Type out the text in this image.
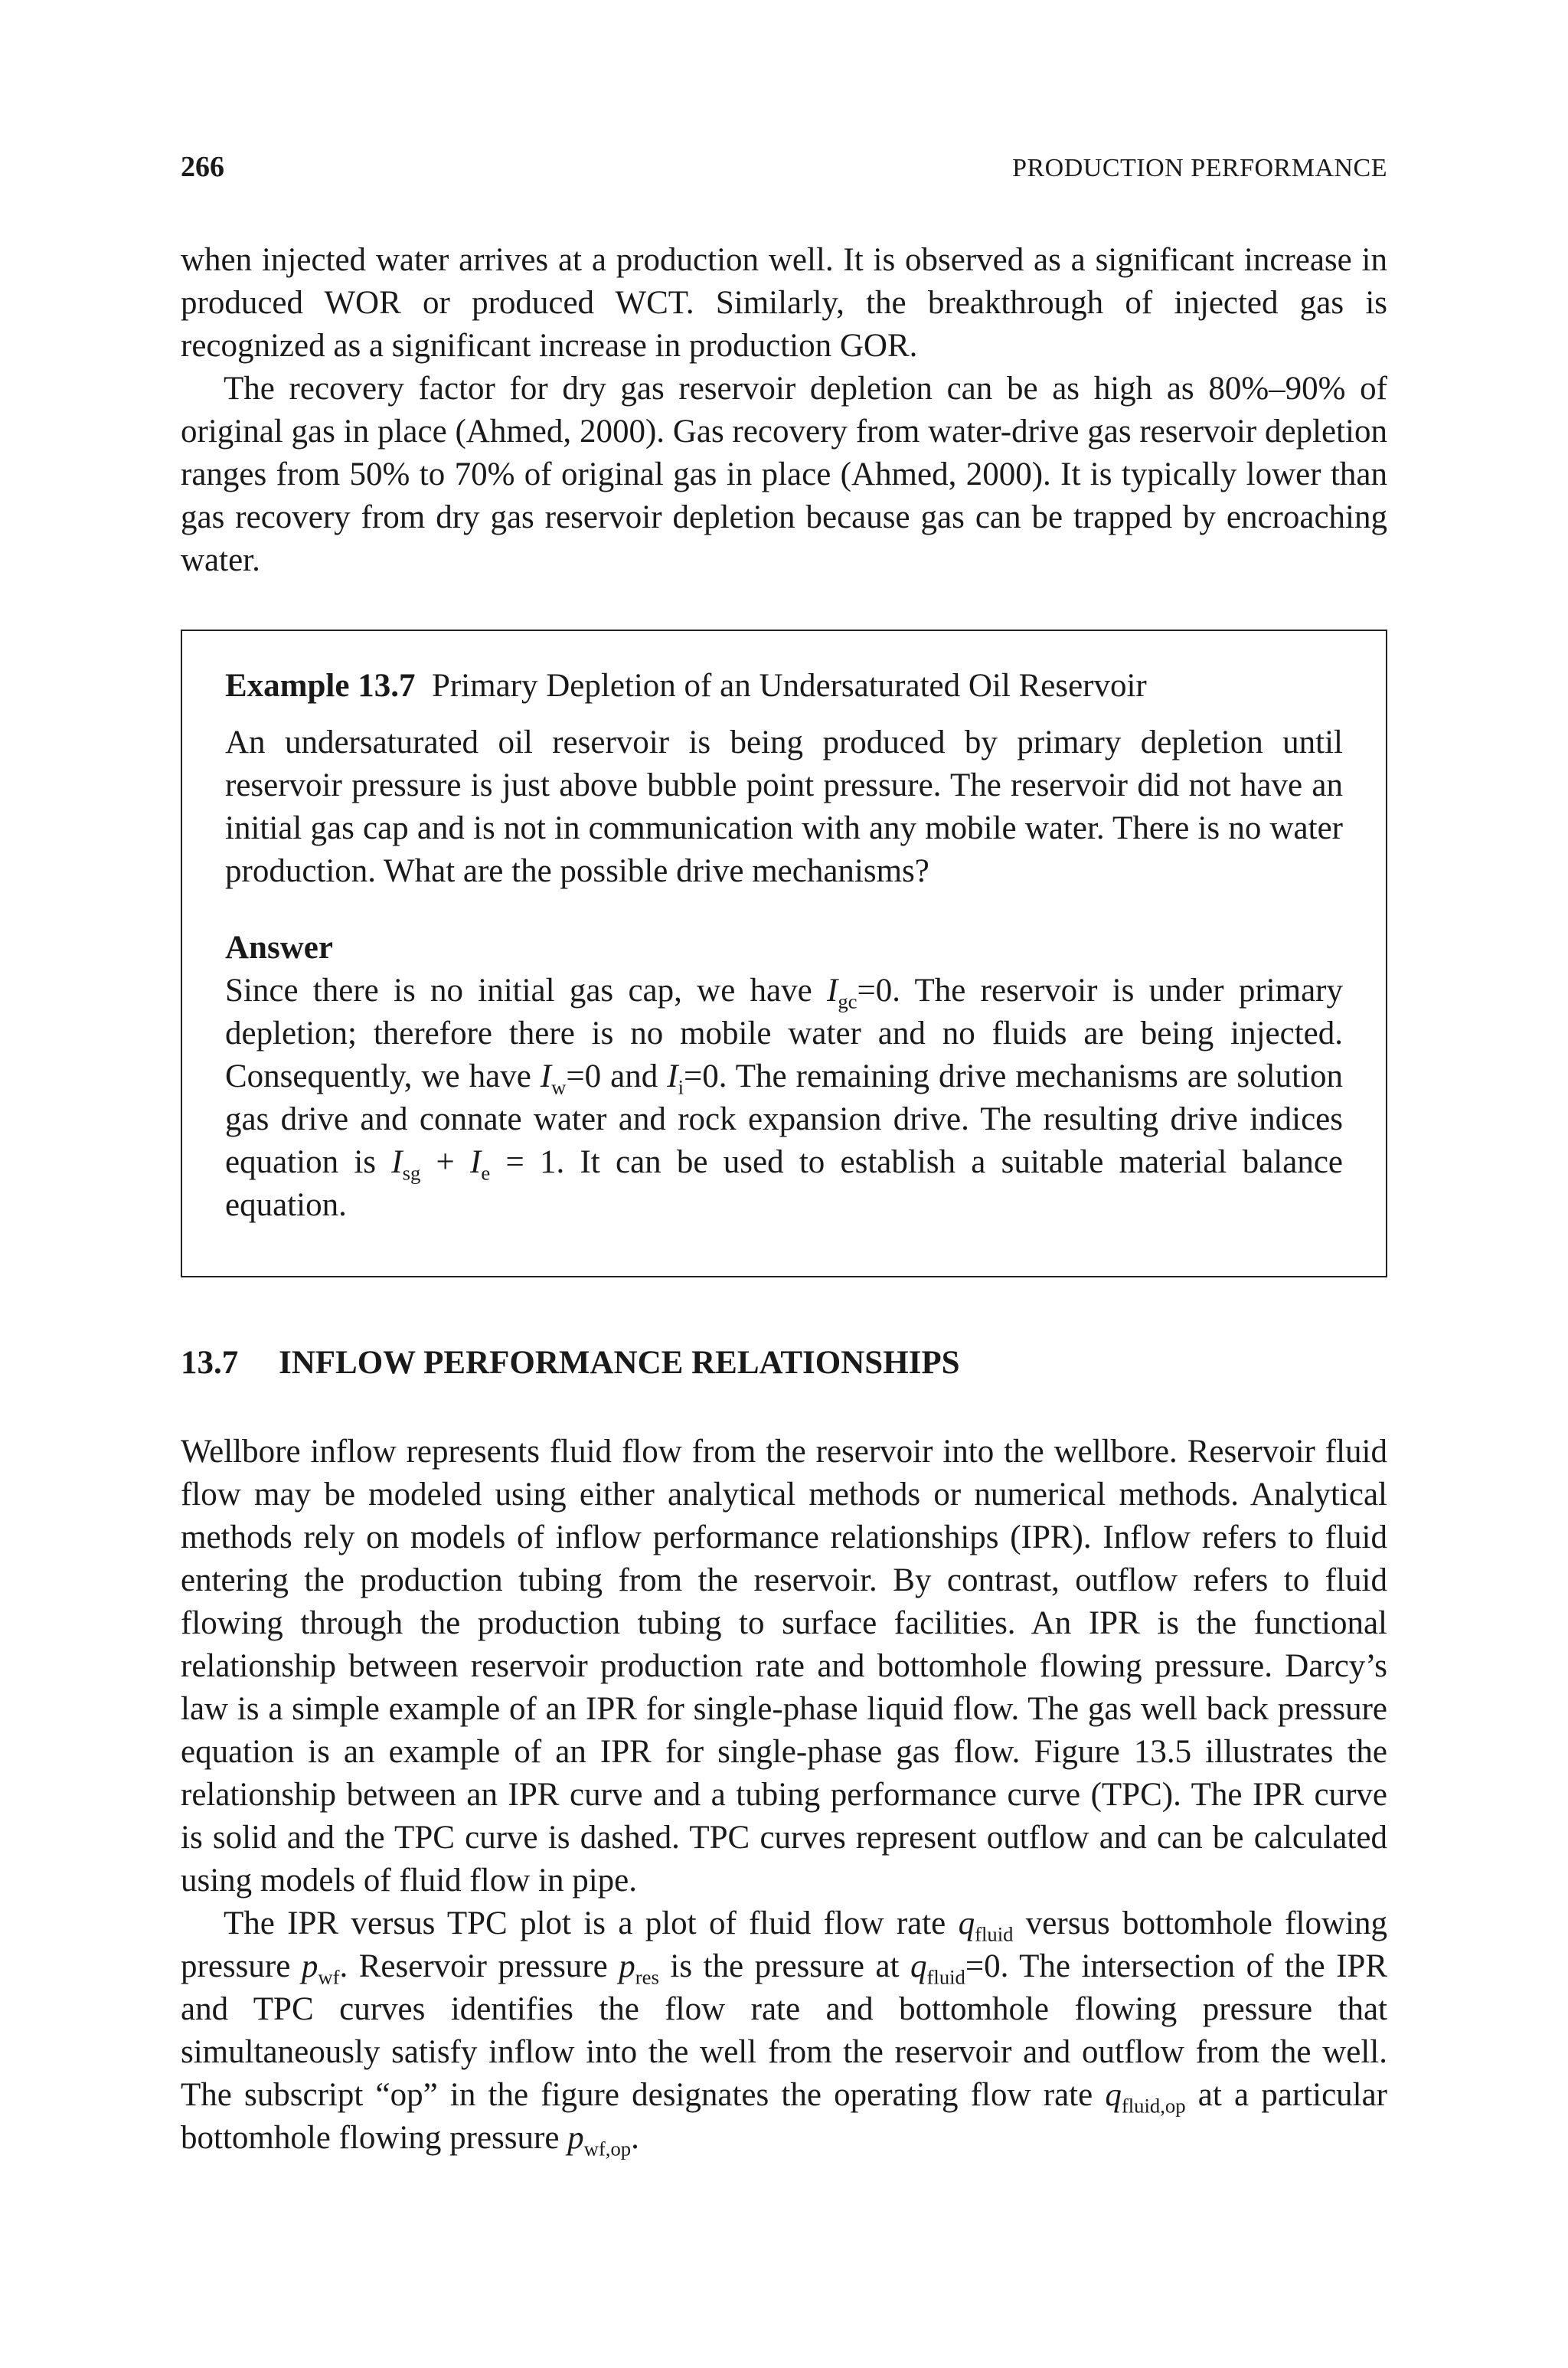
266	PRODUCTION PERFORMANCE

when injected water arrives at a production well. It is observed as a significant increase in produced WOR or produced WCT. Similarly, the breakthrough of injected gas is recognized as a significant increase in production GOR.

The recovery factor for dry gas reservoir depletion can be as high as 80%–90% of original gas in place (Ahmed, 2000). Gas recovery from water-drive gas reservoir depletion ranges from 50% to 70% of original gas in place (Ahmed, 2000). It is typically lower than gas recovery from dry gas reservoir depletion because gas can be trapped by encroaching water.

Example 13.7 Primary Depletion of an Undersaturated Oil Reservoir

An undersaturated oil reservoir is being produced by primary depletion until reservoir pressure is just above bubble point pressure. The reservoir did not have an initial gas cap and is not in communication with any mobile water. There is no water production. What are the possible drive mechanisms?

Answer

Since there is no initial gas cap, we have $I_{gc}=0$. The reservoir is under primary depletion; therefore there is no mobile water and no fluids are being injected. Consequently, we have $I_w=0$ and $I_i=0$. The remaining drive mechanisms are solution gas drive and connate water and rock expansion drive. The resulting drive indices equation is $I_{sg} + I_e = 1$. It can be used to establish a suitable material balance equation.

13.7 INFLOW PERFORMANCE RELATIONSHIPS

Wellbore inflow represents fluid flow from the reservoir into the wellbore. Reservoir fluid flow may be modeled using either analytical methods or numerical methods. Analytical methods rely on models of inflow performance relationships (IPR). Inflow refers to fluid entering the production tubing from the reservoir. By contrast, outflow refers to fluid flowing through the production tubing to surface facilities. An IPR is the functional relationship between reservoir production rate and bottomhole flowing pressure. Darcy’s law is a simple example of an IPR for single-phase liquid flow. The gas well back pressure equation is an example of an IPR for single-phase gas flow. Figure 13.5 illustrates the relationship between an IPR curve and a tubing performance curve (TPC). The IPR curve is solid and the TPC curve is dashed. TPC curves represent outflow and can be calculated using models of fluid flow in pipe.

The IPR versus TPC plot is a plot of fluid flow rate $q_{fluid}$ versus bottomhole flowing pressure $p_{wf}$. Reservoir pressure $p_{res}$ is the pressure at $q_{fluid}=0$. The intersection of the IPR and TPC curves identifies the flow rate and bottomhole flowing pressure that simultaneously satisfy inflow into the well from the reservoir and outflow from the well. The subscript “op” in the figure designates the operating flow rate $q_{fluid,op}$ at a particular bottomhole flowing pressure $p_{wf,op}$.
